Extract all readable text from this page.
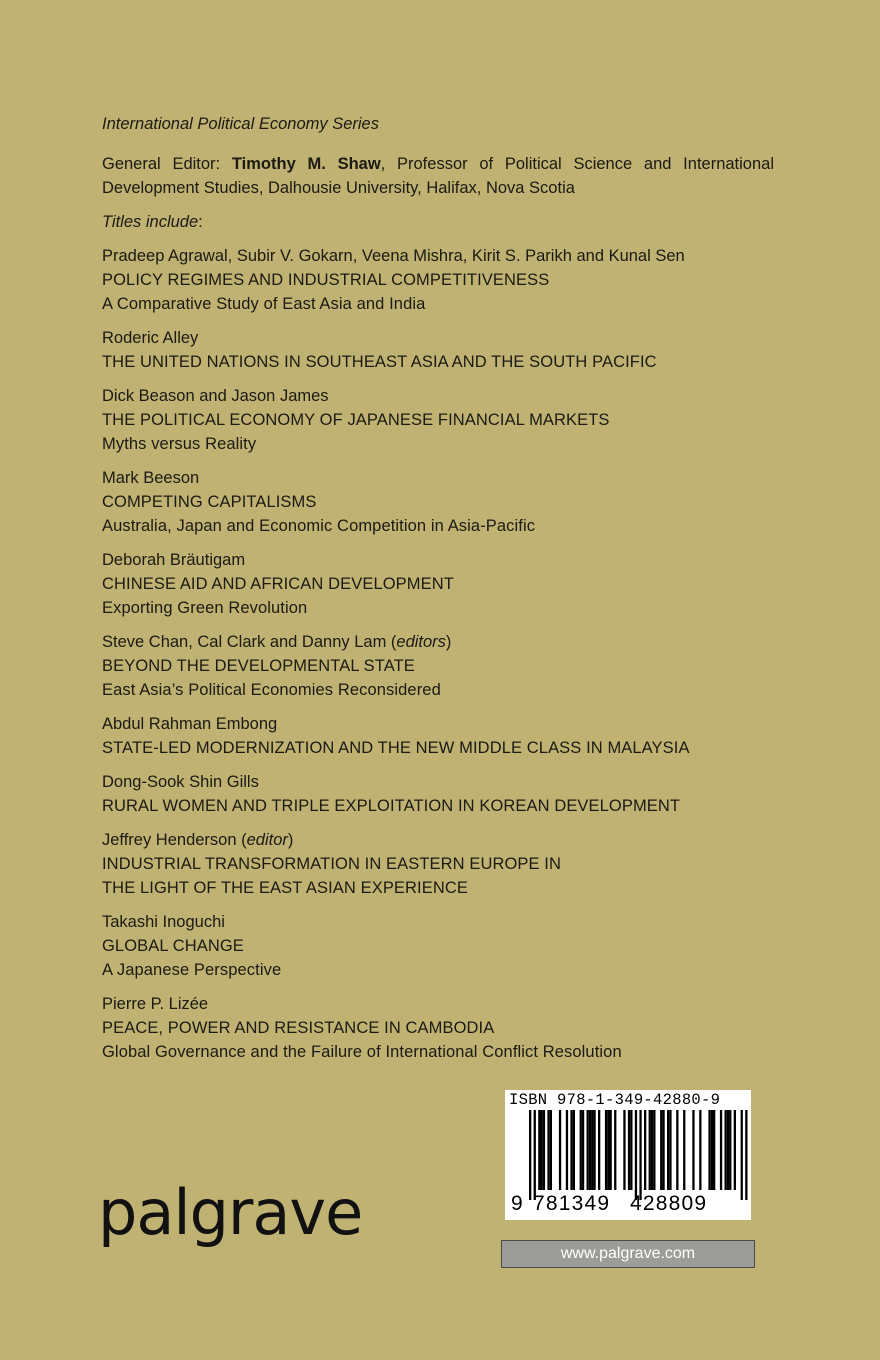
International Political Economy Series
General Editor: Timothy M. Shaw, Professor of Political Science and International Development Studies, Dalhousie University, Halifax, Nova Scotia
Titles include:
Pradeep Agrawal, Subir V. Gokarn, Veena Mishra, Kirit S. Parikh and Kunal Sen
POLICY REGIMES AND INDUSTRIAL COMPETITIVENESS
A Comparative Study of East Asia and India
Roderic Alley
THE UNITED NATIONS IN SOUTHEAST ASIA AND THE SOUTH PACIFIC
Dick Beason and Jason James
THE POLITICAL ECONOMY OF JAPANESE FINANCIAL MARKETS
Myths versus Reality
Mark Beeson
COMPETING CAPITALISMS
Australia, Japan and Economic Competition in Asia-Pacific
Deborah Bräutigam
CHINESE AID AND AFRICAN DEVELOPMENT
Exporting Green Revolution
Steve Chan, Cal Clark and Danny Lam (editors)
BEYOND THE DEVELOPMENTAL STATE
East Asia’s Political Economies Reconsidered
Abdul Rahman Embong
STATE-LED MODERNIZATION AND THE NEW MIDDLE CLASS IN MALAYSIA
Dong-Sook Shin Gills
RURAL WOMEN AND TRIPLE EXPLOITATION IN KOREAN DEVELOPMENT
Jeffrey Henderson (editor)
INDUSTRIAL TRANSFORMATION IN EASTERN EUROPE IN
THE LIGHT OF THE EAST ASIAN EXPERIENCE
Takashi Inoguchi
GLOBAL CHANGE
A Japanese Perspective
Pierre P. Lizée
PEACE, POWER AND RESISTANCE IN CAMBODIA
Global Governance and the Failure of International Conflict Resolution
ISBN 978-1-349-42880-9
9 781349 428809
palgrave
www.palgrave.com
